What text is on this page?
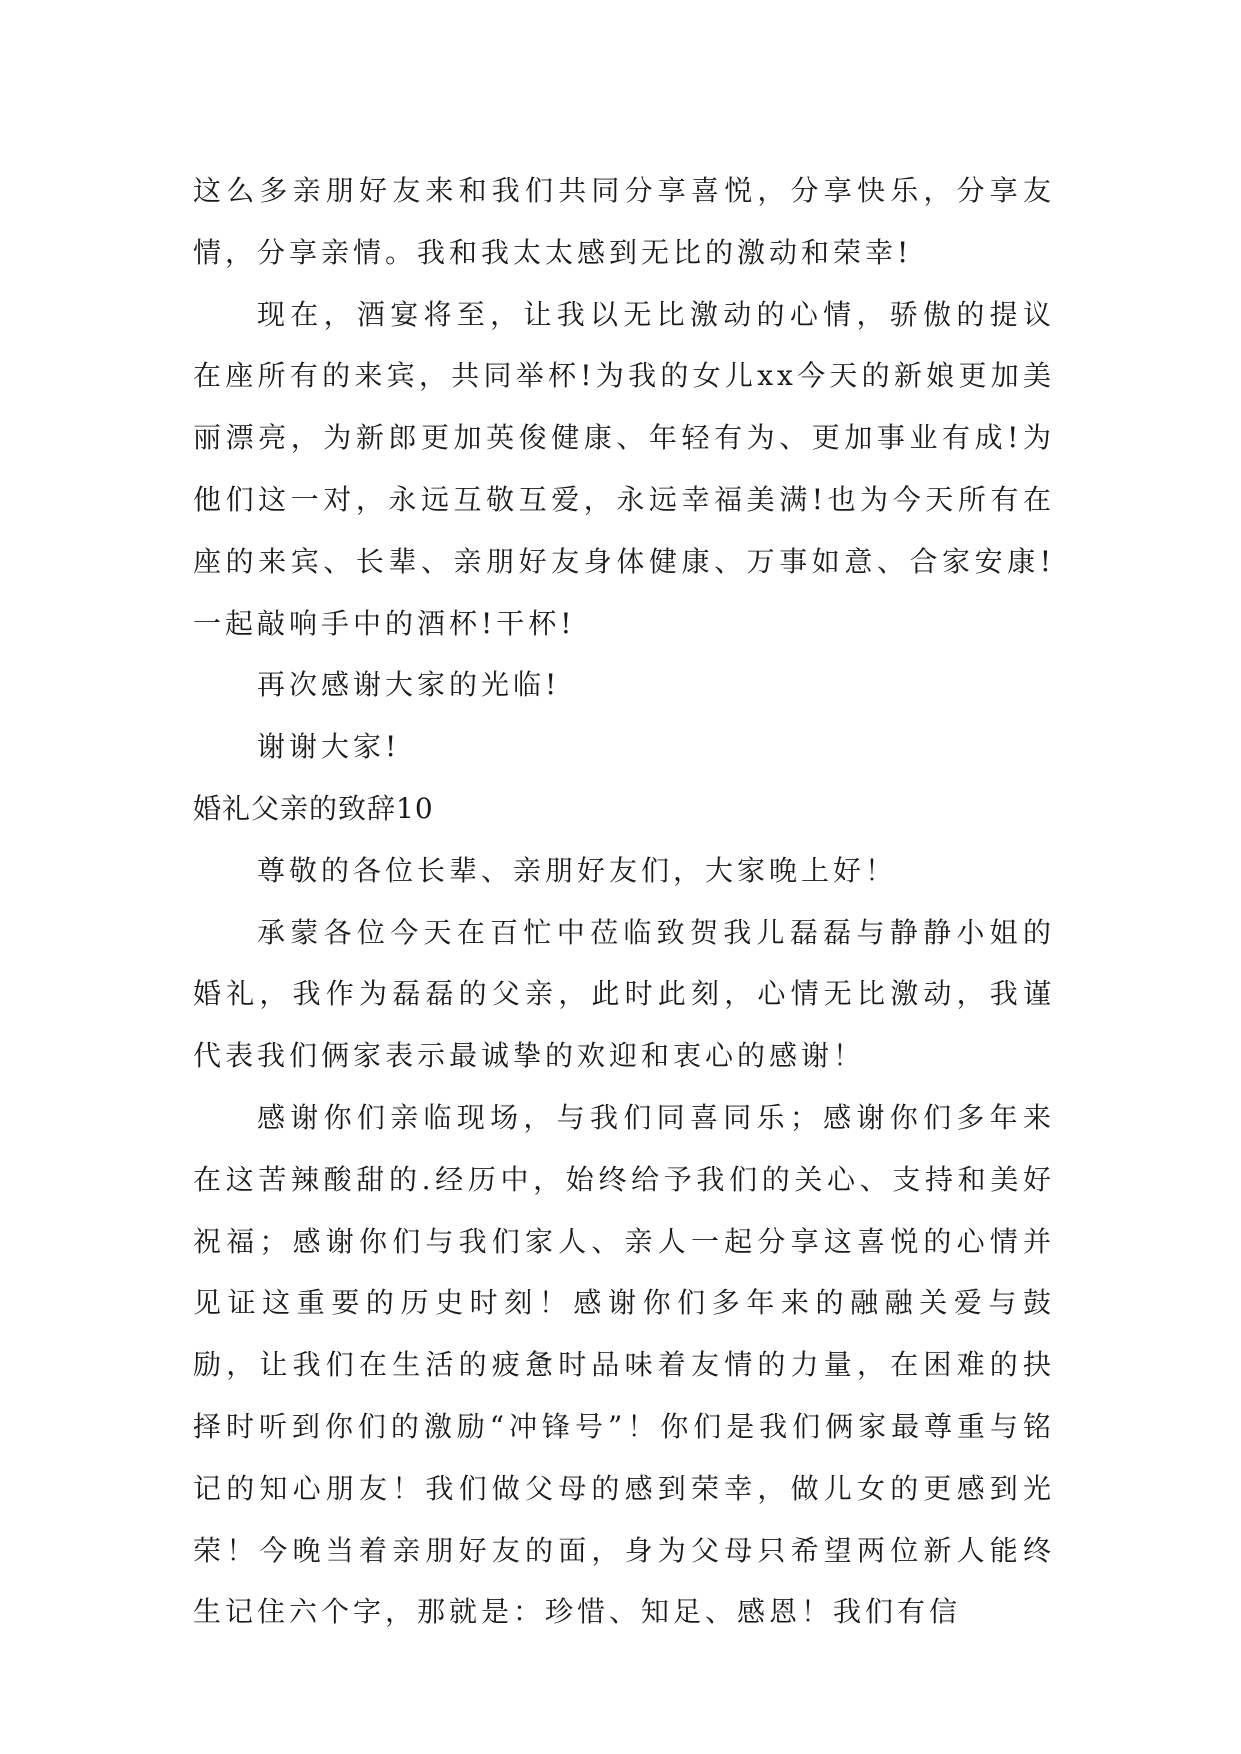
这么多亲朋好友来和我们共同分享喜悦，分享快乐，分享友情，分享亲情。我和我太太感到无比的激动和荣幸!

现在，酒宴将至，让我以无比激动的心情，骄傲的提议在座所有的来宾，共同举杯!为我的女儿xx今天的新娘更加美丽漂亮，为新郎更加英俊健康、年轻有为、更加事业有成!为他们这一对，永远互敬互爱，永远幸福美满!也为今天所有在座的来宾、长辈、亲朋好友身体健康、万事如意、合家安康!一起敲响手中的酒杯!干杯!

再次感谢大家的光临!

谢谢大家!

婚礼父亲的致辞10

尊敬的各位长辈、亲朋好友们，大家晚上好！

承蒙各位今天在百忙中莅临致贺我儿磊磊与静静小姐的婚礼，我作为磊磊的父亲，此时此刻，心情无比激动，我谨代表我们俩家表示最诚挚的欢迎和衷心的感谢！

感谢你们亲临现场，与我们同喜同乐；感谢你们多年来在这苦辣酸甜的.经历中，始终给予我们的关心、支持和美好祝福；感谢你们与我们家人、亲人一起分享这喜悦的心情并见证这重要的历史时刻！感谢你们多年来的融融关爱与鼓励，让我们在生活的疲惫时品味着友情的力量，在困难的抉择时听到你们的激励“冲锋号”！你们是我们俩家最尊重与铭记的知心朋友！我们做父母的感到荣幸，做儿女的更感到光荣！今晚当着亲朋好友的面，身为父母只希望两位新人能终生记住六个字，那就是：珍惜、知足、感恩！我们有信
